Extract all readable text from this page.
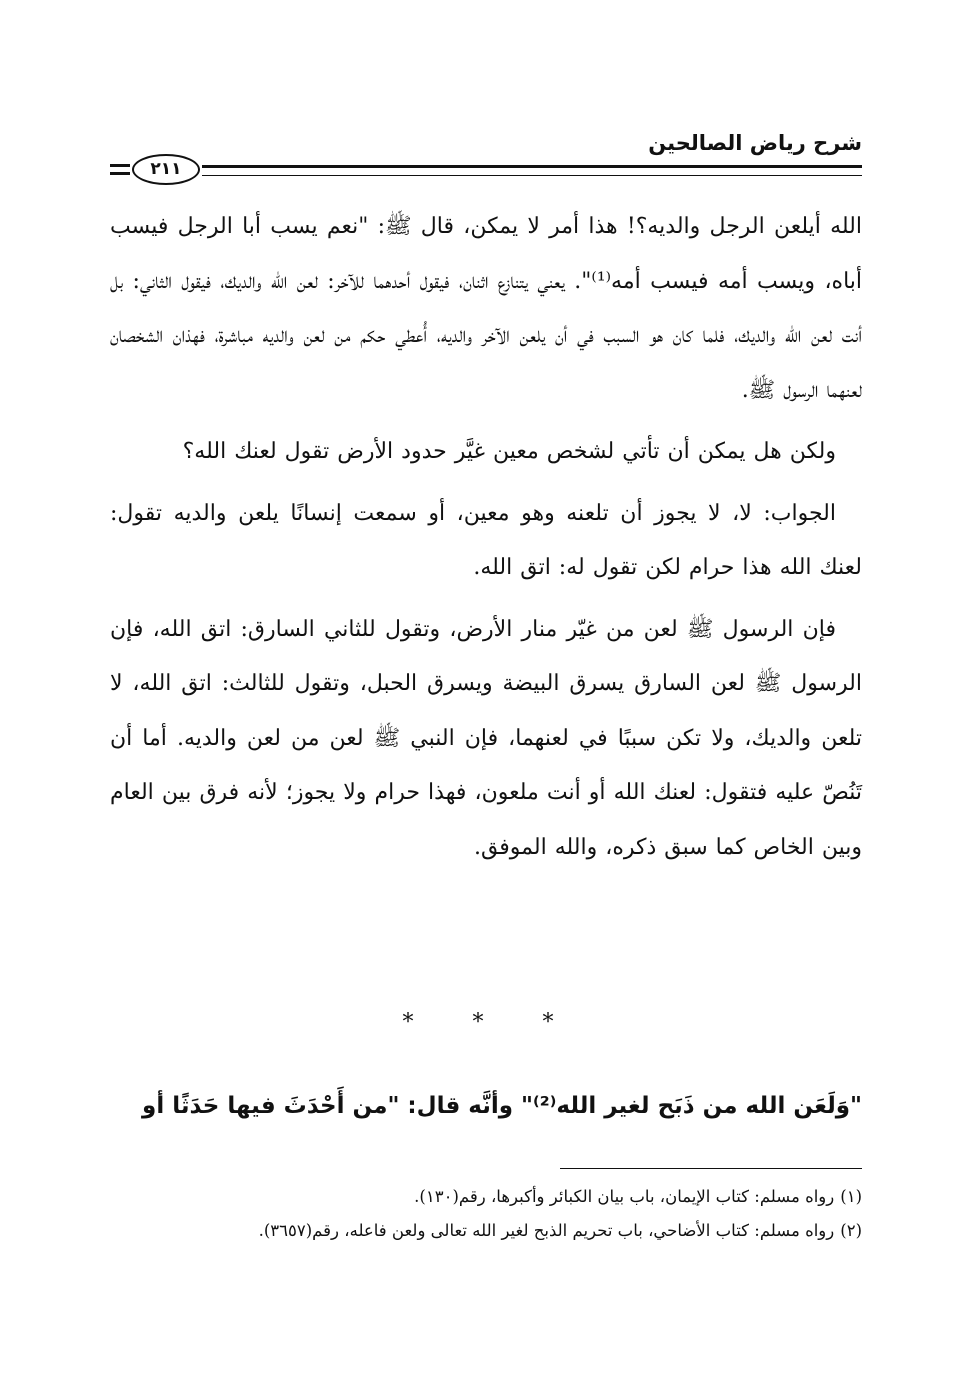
شرح رياض الصالحين
٢١١

الله أيلعن الرجل والديه؟! هذا أمر لا يمكن، قال ﷺ: "نعم يسب أبا الرجل فيسب أباه، ويسب أمه فيسب أمه⁽¹⁾". يعني يتنازع اثنان، فيقول أحدهما للآخر: لعن الله والديك، فيقول الثاني: بل أنت لعن الله والديك، فلما كان هو السبب في أن يلعن الآخر والديه، أُعطي حكم من لعن والديه مباشرة، فهذان الشخصان لعنهما الرسول ﷺ.

ولكن هل يمكن أن تأتي لشخص معين غيَّر حدود الأرض تقول لعنك الله؟

الجواب: لا، لا يجوز أن تلعنه وهو معين، أو سمعت إنسانًا يلعن والديه تقول: لعنك الله هذا حرام لكن تقول له: اتق الله.

فإن الرسول ﷺ لعن من غيّر منار الأرض، وتقول للثاني السارق: اتق الله، فإن الرسول ﷺ لعن السارق يسرق البيضة ويسرق الحبل، وتقول للثالث: اتق الله، لا تلعن والديك، ولا تكن سببًا في لعنهما، فإن النبي ﷺ لعن من لعن والديه. أما أن تَنُصّ عليه فتقول: لعنك الله أو أنت ملعون، فهذا حرام ولا يجوز؛ لأنه فرق بين العام وبين الخاص كما سبق ذكره، والله الموفق.

* * *
"وَلَعَن الله من ذَبَح لغير الله⁽²⁾" وأنَّه قال: "من أَحْدَثَ فيها حَدَثًا أو
(١)رواه مسلم: كتاب الإيمان، باب بيان الكبائر وأكبرها، رقم(١٣٠).
(٢)رواه مسلم: كتاب الأضاحي، باب تحريم الذبح لغير الله تعالى ولعن فاعله، رقم(٣٦٥٧).
